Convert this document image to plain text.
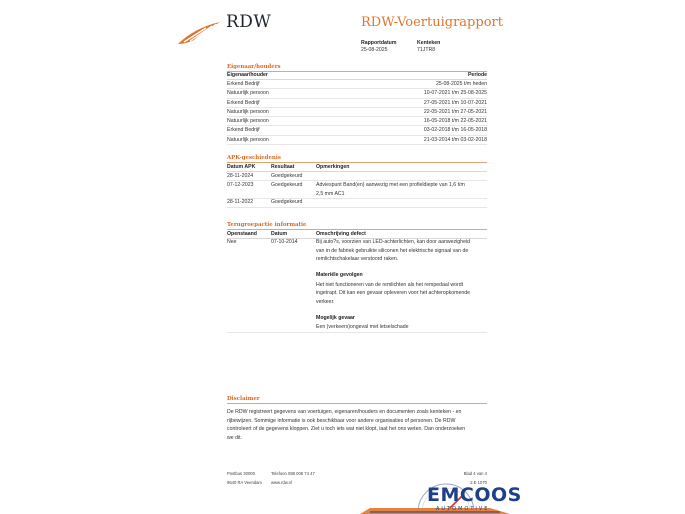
RDW	RDW-Voertuigrapport
Rapportdatum
25-08-2025
Kenteken
71JTR8
Eigenaar/houders
Eigenaar/houder	Periode
Erkend Bedrijf	25-08-2025 t/m heden
Natuurlijk persoon	10-07-2021 t/m 25-08-2025
Erkend Bedrijf	27-05-2021 t/m 10-07-2021
Natuurlijk persoon	22-05-2021 t/m 27-05-2021
Natuurlijk persoon	16-05-2018 t/m 22-05-2021
Erkend Bedrijf	03-02-2018 t/m 16-05-2018
Natuurlijk persoon	21-03-2014 t/m 03-02-2018
APK-geschiedenis
Datum APK	Resultaat	Opmerkingen
28-11-2024	Goedgekeurd
07-12-2023	Goedgekeurd	Adviespunt Band(en) aanwezig met een profieldiepte van 1,6 t/m
2,5 mm AC1
28-11-2022	Goedgekeurd
Terugroepactie informatie
Openstaand	Datum	Omschrijving defect
Nee	07-10-2014	Bij auto?s, voorzien van LED-achterlichten, kan door aanwezigheid
van in de fabriek gebruikte siliconen het elektrische signaal van de
remlichtschakelaar verstoord raken.
Materiële gevolgen
Het niet functioneren van de remlichten als het rempedaal wordt
ingetrapt. Dit kan een gevaar opleveren voor het achteropkomende
verkeer.
Mogelijk gevaar
Een (verkeers)ongeval met letselschade
Disclaimer
De RDW registreert gegevens van voertuigen, eigenaren/houders en documenten zoals kenteken - en
rijbewijzen. Sommige informatie is ook beschikbaar voor andere organisaties of personen. De RDW
controleert of de gegevens kloppen. Ziet u toch iets wat niet klopt, laat het ons weten. Dan onderzoeken
we dit.
Postbus 30000
9640 RA Veendam
Telefoon 088 008 74 47
www.rdw.nl
Blad 4 van 4
2.E 1070
EMCOOS
AUTOMOTIVE
